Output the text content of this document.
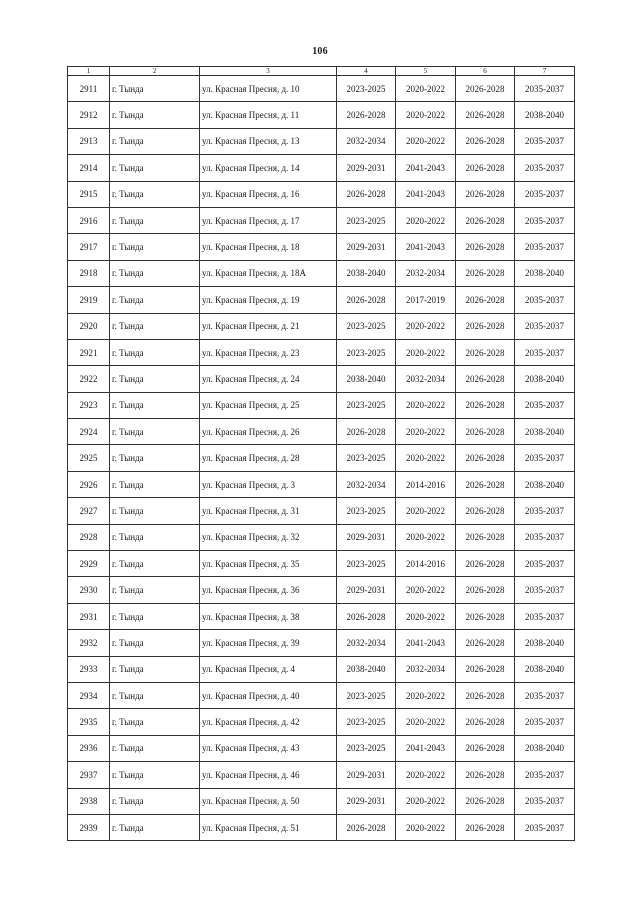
106
1	2	3	4	5	6	7
2911	г. Тында	ул. Красная Пресня, д. 10	2023-2025	2020-2022	2026-2028	2035-2037
2912	г. Тында	ул. Красная Пресня, д. 11	2026-2028	2020-2022	2026-2028	2038-2040
2913	г. Тында	ул. Красная Пресня, д. 13	2032-2034	2020-2022	2026-2028	2035-2037
2914	г. Тында	ул. Красная Пресня, д. 14	2029-2031	2041-2043	2026-2028	2035-2037
2915	г. Тында	ул. Красная Пресня, д. 16	2026-2028	2041-2043	2026-2028	2035-2037
2916	г. Тында	ул. Красная Пресня, д. 17	2023-2025	2020-2022	2026-2028	2035-2037
2917	г. Тында	ул. Красная Пресня, д. 18	2029-2031	2041-2043	2026-2028	2035-2037
2918	г. Тында	ул. Красная Пресня, д. 18А	2038-2040	2032-2034	2026-2028	2038-2040
2919	г. Тында	ул. Красная Пресня, д. 19	2026-2028	2017-2019	2026-2028	2035-2037
2920	г. Тында	ул. Красная Пресня, д. 21	2023-2025	2020-2022	2026-2028	2035-2037
2921	г. Тында	ул. Красная Пресня, д. 23	2023-2025	2020-2022	2026-2028	2035-2037
2922	г. Тында	ул. Красная Пресня, д. 24	2038-2040	2032-2034	2026-2028	2038-2040
2923	г. Тында	ул. Красная Пресня, д. 25	2023-2025	2020-2022	2026-2028	2035-2037
2924	г. Тында	ул. Красная Пресня, д. 26	2026-2028	2020-2022	2026-2028	2038-2040
2925	г. Тында	ул. Красная Пресня, д. 28	2023-2025	2020-2022	2026-2028	2035-2037
2926	г. Тында	ул. Красная Пресня, д. 3	2032-2034	2014-2016	2026-2028	2038-2040
2927	г. Тында	ул. Красная Пресня, д. 31	2023-2025	2020-2022	2026-2028	2035-2037
2928	г. Тында	ул. Красная Пресня, д. 32	2029-2031	2020-2022	2026-2028	2035-2037
2929	г. Тында	ул. Красная Пресня, д. 35	2023-2025	2014-2016	2026-2028	2035-2037
2930	г. Тында	ул. Красная Пресня, д. 36	2029-2031	2020-2022	2026-2028	2035-2037
2931	г. Тында	ул. Красная Пресня, д. 38	2026-2028	2020-2022	2026-2028	2035-2037
2932	г. Тында	ул. Красная Пресня, д. 39	2032-2034	2041-2043	2026-2028	2038-2040
2933	г. Тында	ул. Красная Пресня, д. 4	2038-2040	2032-2034	2026-2028	2038-2040
2934	г. Тында	ул. Красная Пресня, д. 40	2023-2025	2020-2022	2026-2028	2035-2037
2935	г. Тында	ул. Красная Пресня, д. 42	2023-2025	2020-2022	2026-2028	2035-2037
2936	г. Тында	ул. Красная Пресня, д. 43	2023-2025	2041-2043	2026-2028	2038-2040
2937	г. Тында	ул. Красная Пресня, д. 46	2029-2031	2020-2022	2026-2028	2035-2037
2938	г. Тында	ул. Красная Пресня, д. 50	2029-2031	2020-2022	2026-2028	2035-2037
2939	г. Тында	ул. Красная Пресня, д. 51	2026-2028	2020-2022	2026-2028	2035-2037
